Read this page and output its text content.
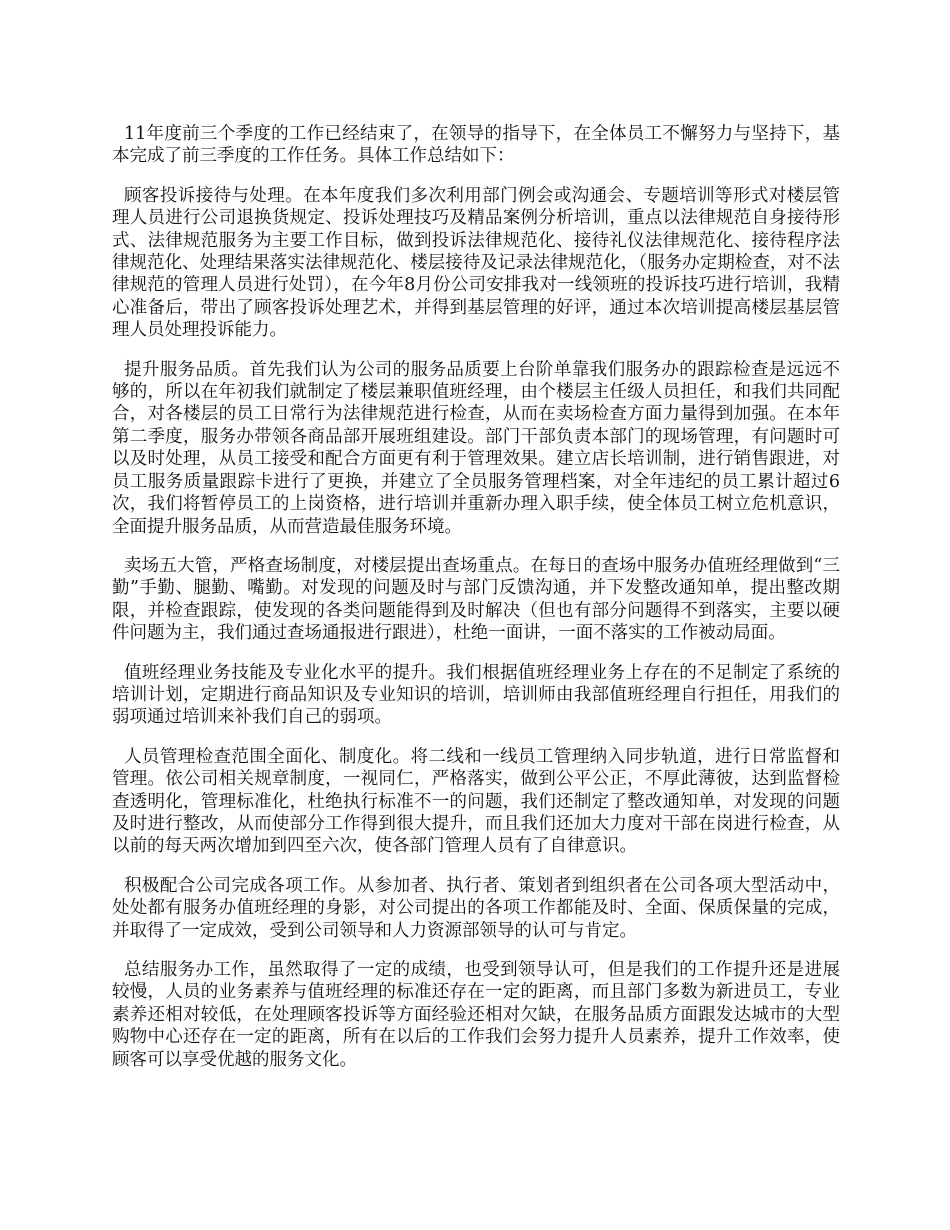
11年度前三个季度的工作已经结束了，在领导的指导下，在全体员工不懈努力与坚持下，基本完成了前三季度的工作任务。具体工作总结如下：

顾客投诉接待与处理。在本年度我们多次利用部门例会或沟通会、专题培训等形式对楼层管理人员进行公司退换货规定、投诉处理技巧及精品案例分析培训，重点以法律规范自身接待形式、法律规范服务为主要工作目标，做到投诉法律规范化、接待礼仪法律规范化、接待程序法律规范化、处理结果落实法律规范化、楼层接待及记录法律规范化，（服务办定期检查，对不法律规范的管理人员进行处罚），在今年8月份公司安排我对一线领班的投诉技巧进行培训，我精心准备后，带出了顾客投诉处理艺术，并得到基层管理的好评，通过本次培训提高楼层基层管理人员处理投诉能力。

提升服务品质。首先我们认为公司的服务品质要上台阶单靠我们服务办的跟踪检查是远远不够的，所以在年初我们就制定了楼层兼职值班经理，由个楼层主任级人员担任，和我们共同配合，对各楼层的员工日常行为法律规范进行检查，从而在卖场检查方面力量得到加强。在本年第二季度，服务办带领各商品部开展班组建设。部门干部负责本部门的现场管理，有问题时可以及时处理，从员工接受和配合方面更有利于管理效果。建立店长培训制，进行销售跟进，对员工服务质量跟踪卡进行了更换，并建立了全员服务管理档案，对全年违纪的员工累计超过6次，我们将暂停员工的上岗资格，进行培训并重新办理入职手续，使全体员工树立危机意识，全面提升服务品质，从而营造最佳服务环境。

卖场五大管，严格查场制度，对楼层提出查场重点。在每日的查场中服务办值班经理做到“三勤”手勤、腿勤、嘴勤。对发现的问题及时与部门反馈沟通，并下发整改通知单，提出整改期限，并检查跟踪，使发现的各类问题能得到及时解决（但也有部分问题得不到落实，主要以硬件问题为主，我们通过查场通报进行跟进），杜绝一面讲，一面不落实的工作被动局面。

值班经理业务技能及专业化水平的提升。我们根据值班经理业务上存在的不足制定了系统的培训计划，定期进行商品知识及专业知识的培训，培训师由我部值班经理自行担任，用我们的弱项通过培训来补我们自己的弱项。

人员管理检查范围全面化、制度化。将二线和一线员工管理纳入同步轨道，进行日常监督和管理。依公司相关规章制度，一视同仁，严格落实，做到公平公正，不厚此薄彼，达到监督检查透明化，管理标准化，杜绝执行标准不一的问题，我们还制定了整改通知单，对发现的问题及时进行整改，从而使部分工作得到很大提升，而且我们还加大力度对干部在岗进行检查，从以前的每天两次增加到四至六次，使各部门管理人员有了自律意识。

积极配合公司完成各项工作。从参加者、执行者、策划者到组织者在公司各项大型活动中，处处都有服务办值班经理的身影，对公司提出的各项工作都能及时、全面、保质保量的完成，并取得了一定成效，受到公司领导和人力资源部领导的认可与肯定。

总结服务办工作，虽然取得了一定的成绩，也受到领导认可，但是我们的工作提升还是进展较慢，人员的业务素养与值班经理的标准还存在一定的距离，而且部门多数为新进员工，专业素养还相对较低，在处理顾客投诉等方面经验还相对欠缺，在服务品质方面跟发达城市的大型购物中心还存在一定的距离，所有在以后的工作我们会努力提升人员素养，提升工作效率，使顾客可以享受优越的服务文化。
